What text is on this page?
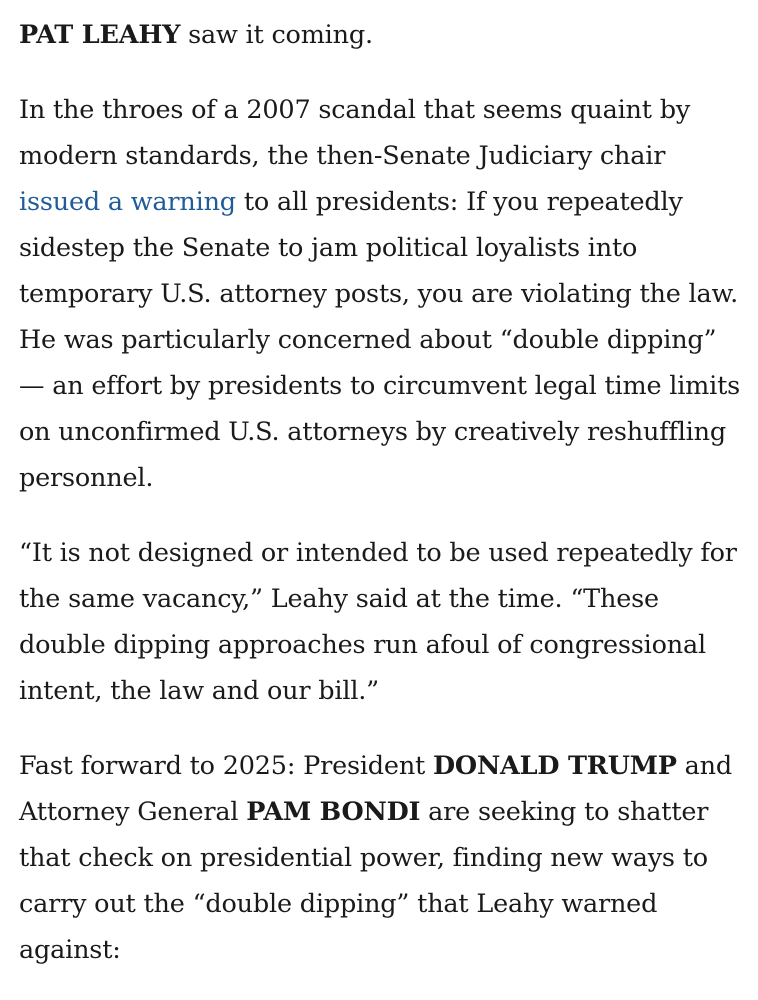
PAT LEAHY saw it coming.

In the throes of a 2007 scandal that seems quaint by modern standards, the then-Senate Judiciary chair issued a warning to all presidents: If you repeatedly sidestep the Senate to jam political loyalists into temporary U.S. attorney posts, you are violating the law. He was particularly concerned about “double dipping” — an effort by presidents to circumvent legal time limits on unconfirmed U.S. attorneys by creatively reshuffling personnel.

“It is not designed or intended to be used repeatedly for the same vacancy,” Leahy said at the time. “These double dipping approaches run afoul of congressional intent, the law and our bill.”

Fast forward to 2025: President DONALD TRUMP and Attorney General PAM BONDI are seeking to shatter that check on presidential power, finding new ways to carry out the “double dipping” that Leahy warned against:
